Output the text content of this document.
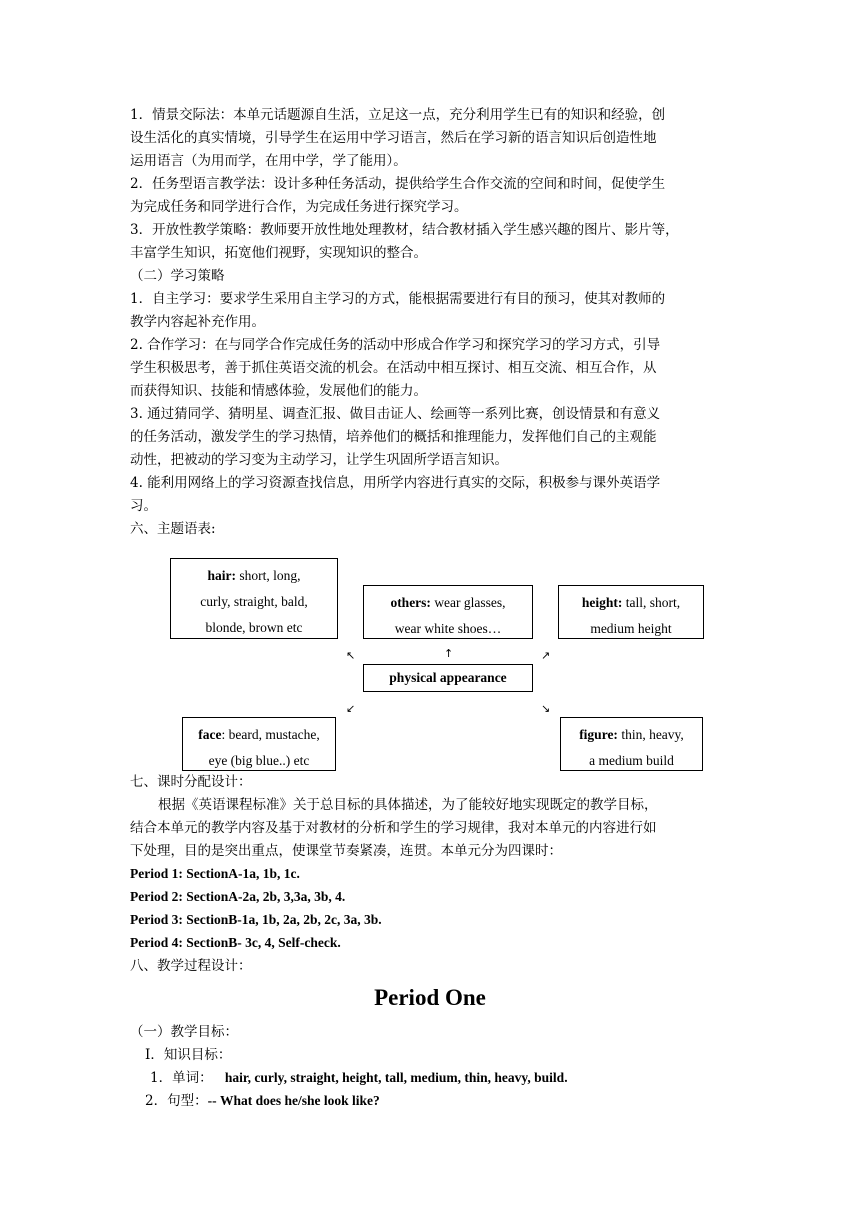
1．情景交际法：本单元话题源自生活，立足这一点，充分利用学生已有的知识和经验，创
设生活化的真实情境，引导学生在运用中学习语言，然后在学习新的语言知识后创造性地
运用语言（为用而学，在用中学，学了能用）。
2．任务型语言教学法：设计多种任务活动，提供给学生合作交流的空间和时间，促使学生
为完成任务和同学进行合作，为完成任务进行探究学习。
3．开放性教学策略：教师要开放性地处理教材，结合教材插入学生感兴趣的图片、影片等，
丰富学生知识，拓宽他们视野，实现知识的整合。
（二）学习策略
1．自主学习：要求学生采用自主学习的方式，能根据需要进行有目的预习，使其对教师的
教学内容起补充作用。
2. 合作学习：在与同学合作完成任务的活动中形成合作学习和探究学习的学习方式，引导
学生积极思考，善于抓住英语交流的机会。在活动中相互探讨、相互交流、相互合作，从
而获得知识、技能和情感体验，发展他们的能力。
3. 通过猜同学、猜明星、调查汇报、做目击证人、绘画等一系列比赛，创设情景和有意义
的任务活动，激发学生的学习热情，培养他们的概括和推理能力，发挥他们自己的主观能
动性，把被动的学习变为主动学习，让学生巩固所学语言知识。
4. 能利用网络上的学习资源查找信息，用所学内容进行真实的交际，积极参与课外英语学
习。
六、主题语表:
hair: short, long,
curly, straight, bald,
blonde, brown etc
others: wear glasses,
wear white shoes…
height: tall, short,
medium height
↖	↑	↗
physical appearance
↙	↘
face: beard, mustache,
eye (big blue..) etc
figure: thin, heavy,
a medium build
七、课时分配设计：
根据《英语课程标准》关于总目标的具体描述，为了能较好地实现既定的教学目标，
结合本单元的教学内容及基于对教材的分析和学生的学习规律，我对本单元的内容进行如
下处理，目的是突出重点，使课堂节奏紧凑，连贯。本单元分为四课时：
Period 1: SectionA-1a, 1b, 1c.
Period 2: SectionA-2a, 2b, 3,3a, 3b, 4.
Period 3: SectionB-1a, 1b, 2a, 2b, 2c, 3a, 3b.
Period 4: SectionB- 3c, 4, Self-check.
八、教学过程设计：
Period One
（一）教学目标：
I．知识目标：
1．单词： hair, curly, straight, height, tall, medium, thin, heavy, build.
2．句型：-- What does he/she look like?
